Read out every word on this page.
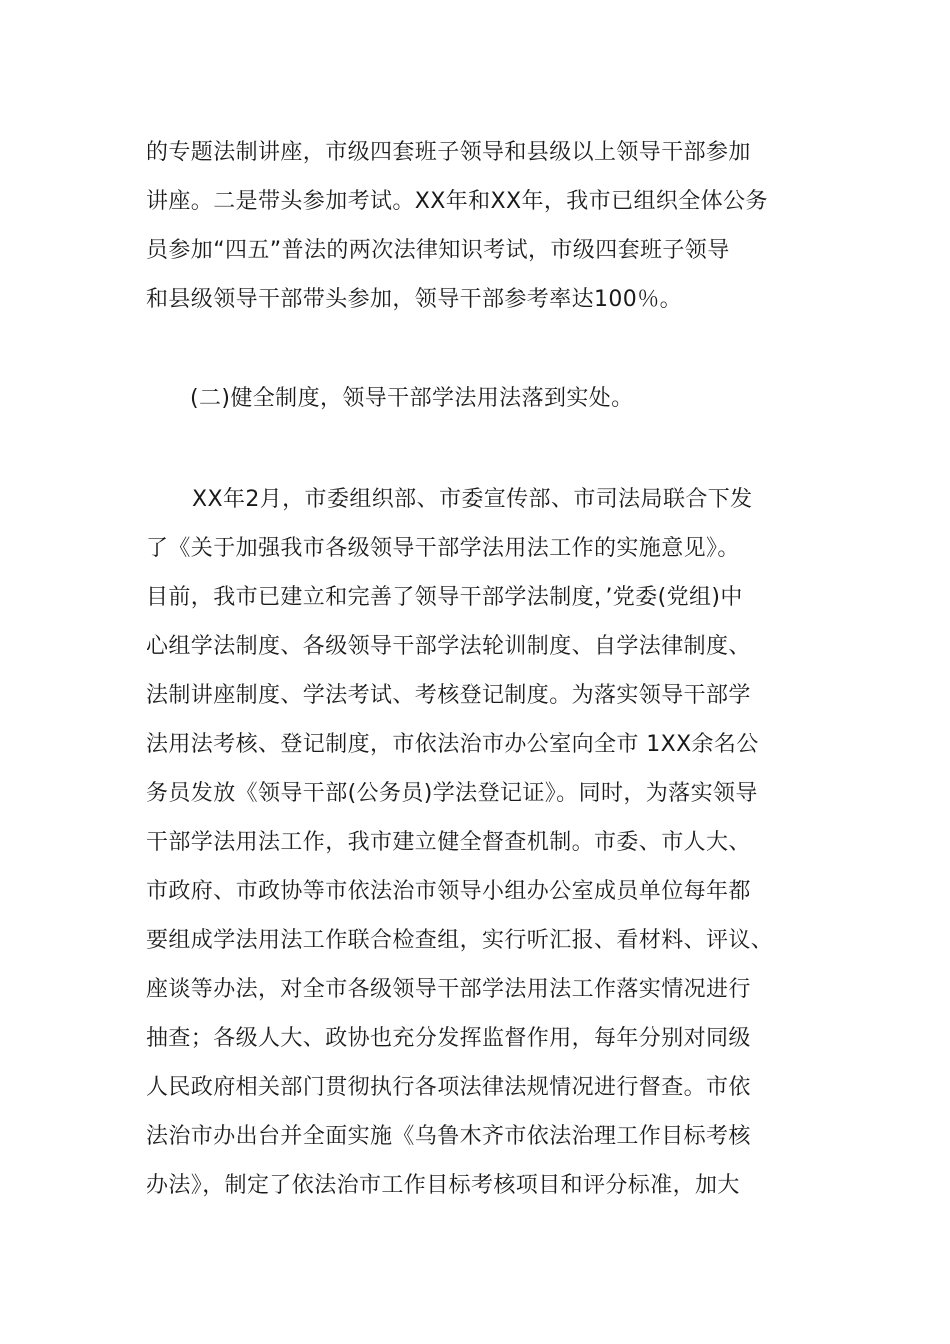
的专题法制讲座，市级四套班子领导和县级以上领导干部参加
讲座。二是带头参加考试。XX年和XX年，我市已组织全体公务
员参加“四五”普法的两次法律知识考试，市级四套班子领导
和县级领导干部带头参加，领导干部参考率达100％。
(二)健全制度，领导干部学法用法落到实处。
XX年2月，市委组织部、市委宣传部、市司法局联合下发
了《关于加强我市各级领导干部学法用法工作的实施意见》。
目前，我市已建立和完善了领导干部学法制度，’党委(党组)中
心组学法制度、各级领导干部学法轮训制度、自学法律制度、
法制讲座制度、学法考试、考核登记制度。为落实领导干部学
法用法考核、登记制度，市依法治市办公室向全市 1XX余名公
务员发放《领导干部(公务员)学法登记证》。同时，为落实领导
干部学法用法工作，我市建立健全督查机制。市委、市人大、
市政府、市政协等市依法治市领导小组办公室成员单位每年都
要组成学法用法工作联合检查组，实行听汇报、看材料、评议、
座谈等办法，对全市各级领导干部学法用法工作落实情况进行
抽查；各级人大、政协也充分发挥监督作用，每年分别对同级
人民政府相关部门贯彻执行各项法律法规情况进行督查。市依
法治市办出台并全面实施《乌鲁木齐市依法治理工作目标考核
办法》，制定了依法治市工作目标考核项目和评分标准，加大
